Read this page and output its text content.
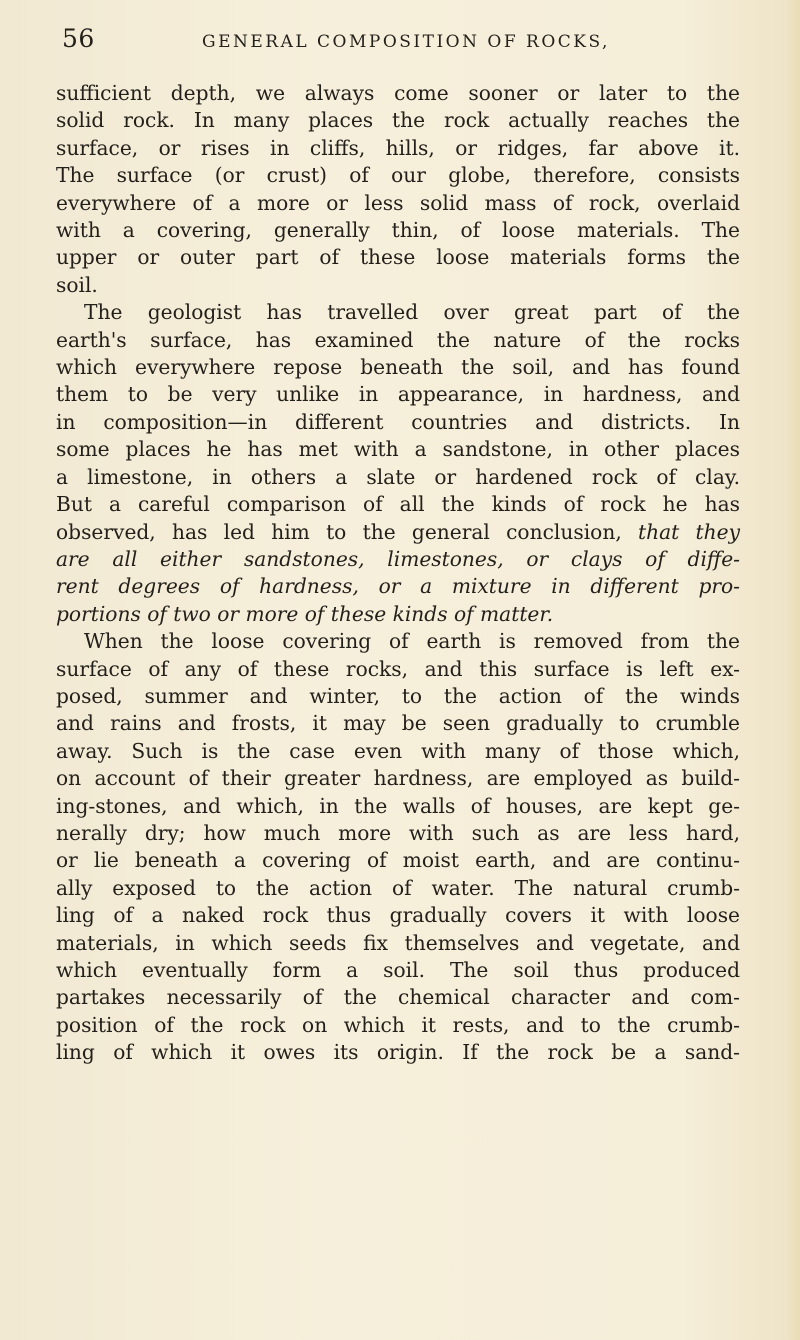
56	GENERAL COMPOSITION OF ROCKS,
sufficient depth, we always come sooner or later to the
solid rock. In many places the rock actually reaches the
surface, or rises in cliffs, hills, or ridges, far above it.
The surface (or crust) of our globe, therefore, consists
everywhere of a more or less solid mass of rock, overlaid
with a covering, generally thin, of loose materials. The
upper or outer part of these loose materials forms the
soil.
The geologist has travelled over great part of the
earth's surface, has examined the nature of the rocks
which everywhere repose beneath the soil, and has found
them to be very unlike in appearance, in hardness, and
in composition—in different countries and districts. In
some places he has met with a sandstone, in other places
a limestone, in others a slate or hardened rock of clay.
But a careful comparison of all the kinds of rock he has
observed, has led him to the general conclusion, that they
are all either sandstones, limestones, or clays of diffe-
rent degrees of hardness, or a mixture in different pro-
portions of two or more of these kinds of matter.
When the loose covering of earth is removed from the
surface of any of these rocks, and this surface is left ex-
posed, summer and winter, to the action of the winds
and rains and frosts, it may be seen gradually to crumble
away. Such is the case even with many of those which,
on account of their greater hardness, are employed as build-
ing-stones, and which, in the walls of houses, are kept ge-
nerally dry; how much more with such as are less hard,
or lie beneath a covering of moist earth, and are continu-
ally exposed to the action of water. The natural crumb-
ling of a naked rock thus gradually covers it with loose
materials, in which seeds fix themselves and vegetate, and
which eventually form a soil. The soil thus produced
partakes necessarily of the chemical character and com-
position of the rock on which it rests, and to the crumb-
ling of which it owes its origin. If the rock be a sand-
